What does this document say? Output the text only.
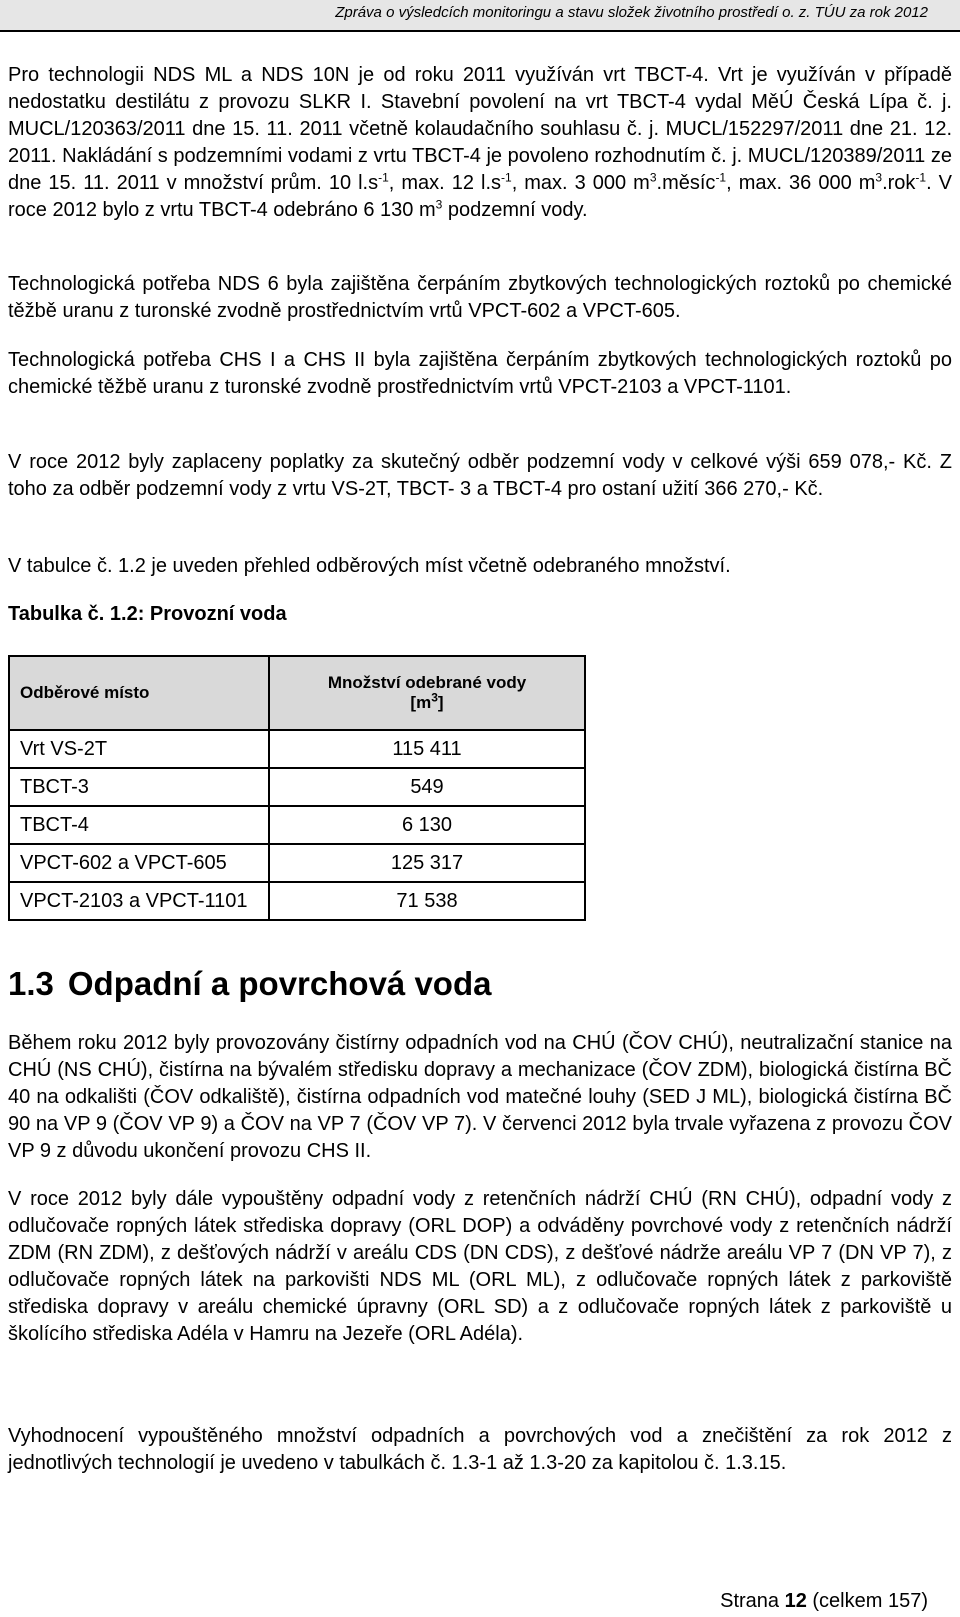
Zpráva o výsledcích monitoringu a stavu složek životního prostředí o. z. TÚU za rok 2012

Pro technologii NDS ML a NDS 10N je od roku 2011 využíván vrt TBCT-4. Vrt je využíván v případě nedostatku destilátu z provozu SLKR I. Stavební povolení na vrt TBCT-4 vydal MěÚ Česká Lípa č. j. MUCL/120363/2011 dne 15. 11. 2011 včetně kolaudačního souhlasu č. j. MUCL/152297/2011 dne 21. 12. 2011. Nakládání s podzemními vodami z vrtu TBCT-4 je povoleno rozhodnutím č. j. MUCL/120389/2011 ze dne 15. 11. 2011 v množství prům. 10 $l.s^{-1}$, max. 12 $l.s^{-1}$, max. 3 000 $m^3.měsíc^{-1}$, max. 36 000 $m^3.rok^{-1}$. V roce 2012 bylo z vrtu TBCT-4 odebráno 6 130 $m^3$ podzemní vody.

Technologická potřeba NDS 6 byla zajištěna čerpáním zbytkových technologických roztoků po chemické těžbě uranu z turonské zvodně prostřednictvím vrtů VPCT-602 a VPCT-605.

Technologická potřeba CHS I a CHS II byla zajištěna čerpáním zbytkových technologických roztoků po chemické těžbě uranu z turonské zvodně prostřednictvím vrtů VPCT-2103 a VPCT-1101.

V roce 2012 byly zaplaceny poplatky za skutečný odběr podzemní vody v celkové výši 659 078,- Kč. Z toho za odběr podzemní vody z vrtu VS-2T, TBCT- 3 a TBCT-4 pro ostaní užití 366 270,- Kč.

V tabulce č. 1.2 je uveden přehled odběrových míst včetně odebraného množství.

Tabulka č. 1.2: Provozní voda

Odběrové místo	Množství odebrané vody
$[m^3]$
Vrt VS-2T	115 411
TBCT-3	549
TBCT-4	6 130
VPCT-602 a VPCT-605	125 317
VPCT-2103 a VPCT-1101	71 538
1.3 Odpadní a povrchová voda

Během roku 2012 byly provozovány čistírny odpadních vod na CHÚ (ČOV CHÚ), neutralizační stanice na CHÚ (NS CHÚ), čistírna na bývalém středisku dopravy a mechanizace (ČOV ZDM), biologická čistírna BČ 40 na odkališti (ČOV odkaliště), čistírna odpadních vod matečné louhy (SED J ML), biologická čistírna BČ 90 na VP 9 (ČOV VP 9) a ČOV na VP 7 (ČOV VP 7). V červenci 2012 byla trvale vyřazena z provozu ČOV VP 9 z důvodu ukončení provozu CHS II.

V roce 2012 byly dále vypouštěny odpadní vody z retenčních nádrží CHÚ (RN CHÚ), odpadní vody z odlučovače ropných látek střediska dopravy (ORL DOP) a odváděny povrchové vody z retenčních nádrží ZDM (RN ZDM), z dešťových nádrží v areálu CDS (DN CDS), z dešťové nádrže areálu VP 7 (DN VP 7), z odlučovače ropných látek na parkovišti NDS ML (ORL ML), z odlučovače ropných látek z parkoviště střediska dopravy v areálu chemické úpravny (ORL SD) a z odlučovače ropných látek z parkoviště u školícího střediska Adéla v Hamru na Jezeře (ORL Adéla).

Vyhodnocení vypouštěného množství odpadních a povrchových vod a znečištění za rok 2012 z jednotlivých technologií je uvedeno v tabulkách č. 1.3-1 až 1.3-20 za kapitolou č. 1.3.15.

Strana 12 (celkem 157)
